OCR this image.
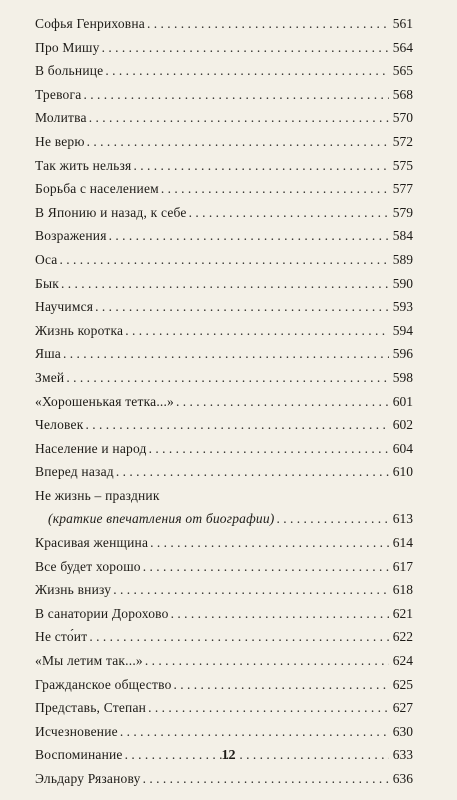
Софья Генриховна . . .	561
Про Мишу . . .	564
В больнице . . .	565
Тревога . . .	568
Молитва . . .	570
Не верю . . .	572
Так жить нельзя . . .	575
Борьба с населением . . .	577
В Японию и назад, к себе . . .	579
Возражения . . .	584
Оса . . .	589
Бык . . .	590
Научимся . . .	593
Жизнь коротка . . .	594
Яша . . .	596
Змей . . .	598
«Хорошенькая тетка...» . . .	601
Человек . . .	602
Население и народ . . .	604
Вперед назад . . .	610
Не жизнь – праздник
(краткие впечатления от биографии) . . .	613
Красивая женщина . . .	614
Все будет хорошо . . .	617
Жизнь внизу . . .	618
В санатории Дорохово . . .	621
Не сто́ит . . .	622
«Мы летим так...» . . .	624
Гражданское общество . . .	625
Представь, Степан . . .	627
Исчезновение . . .	630
Воспоминание . . .	633
Эльдару Рязанову . . .	636
12
